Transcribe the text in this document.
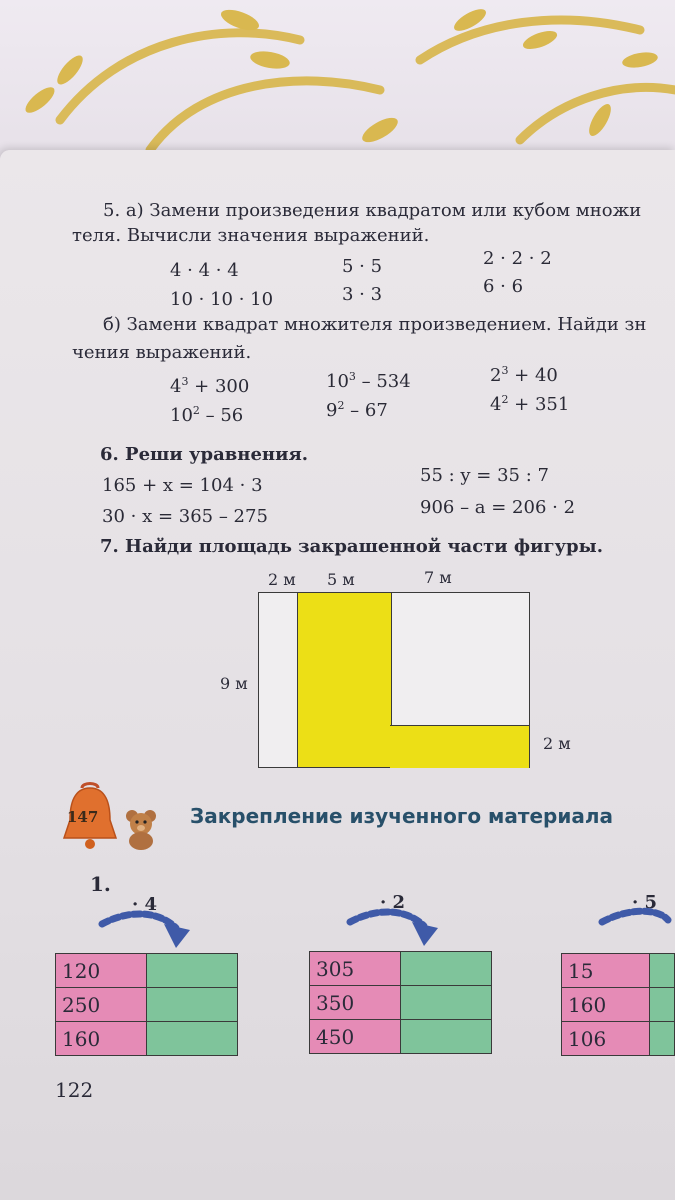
5. а) Замени произведения квадратом или кубом множи
теля. Вычисли значения выражений.
4 · 4 · 4	5 · 5	2 · 2 · 2
10 · 10 · 10	3 · 3	6 · 6
б) Замени квадрат множителя произведением. Найди зн
чения выражений.
$4^3 + 300$	$10^3 - 534$	$2^3 + 40$
$10^2 - 56$	$9^2 - 67$	$4^2 + 351$
6. Реши уравнения.
165 + x = 104 · 3	55 : y = 35 : 7
30 · x = 365 – 275	906 – a = 206 · 2
7. Найди площадь закрашенной части фигуры.
2 м 5 м	7 м
9 м
2 м
147	Закрепление изученного материала
1.
· 4	· 2	· 5
120	
250	
160	
305	
350	
450	
15	
160	
106	
122
